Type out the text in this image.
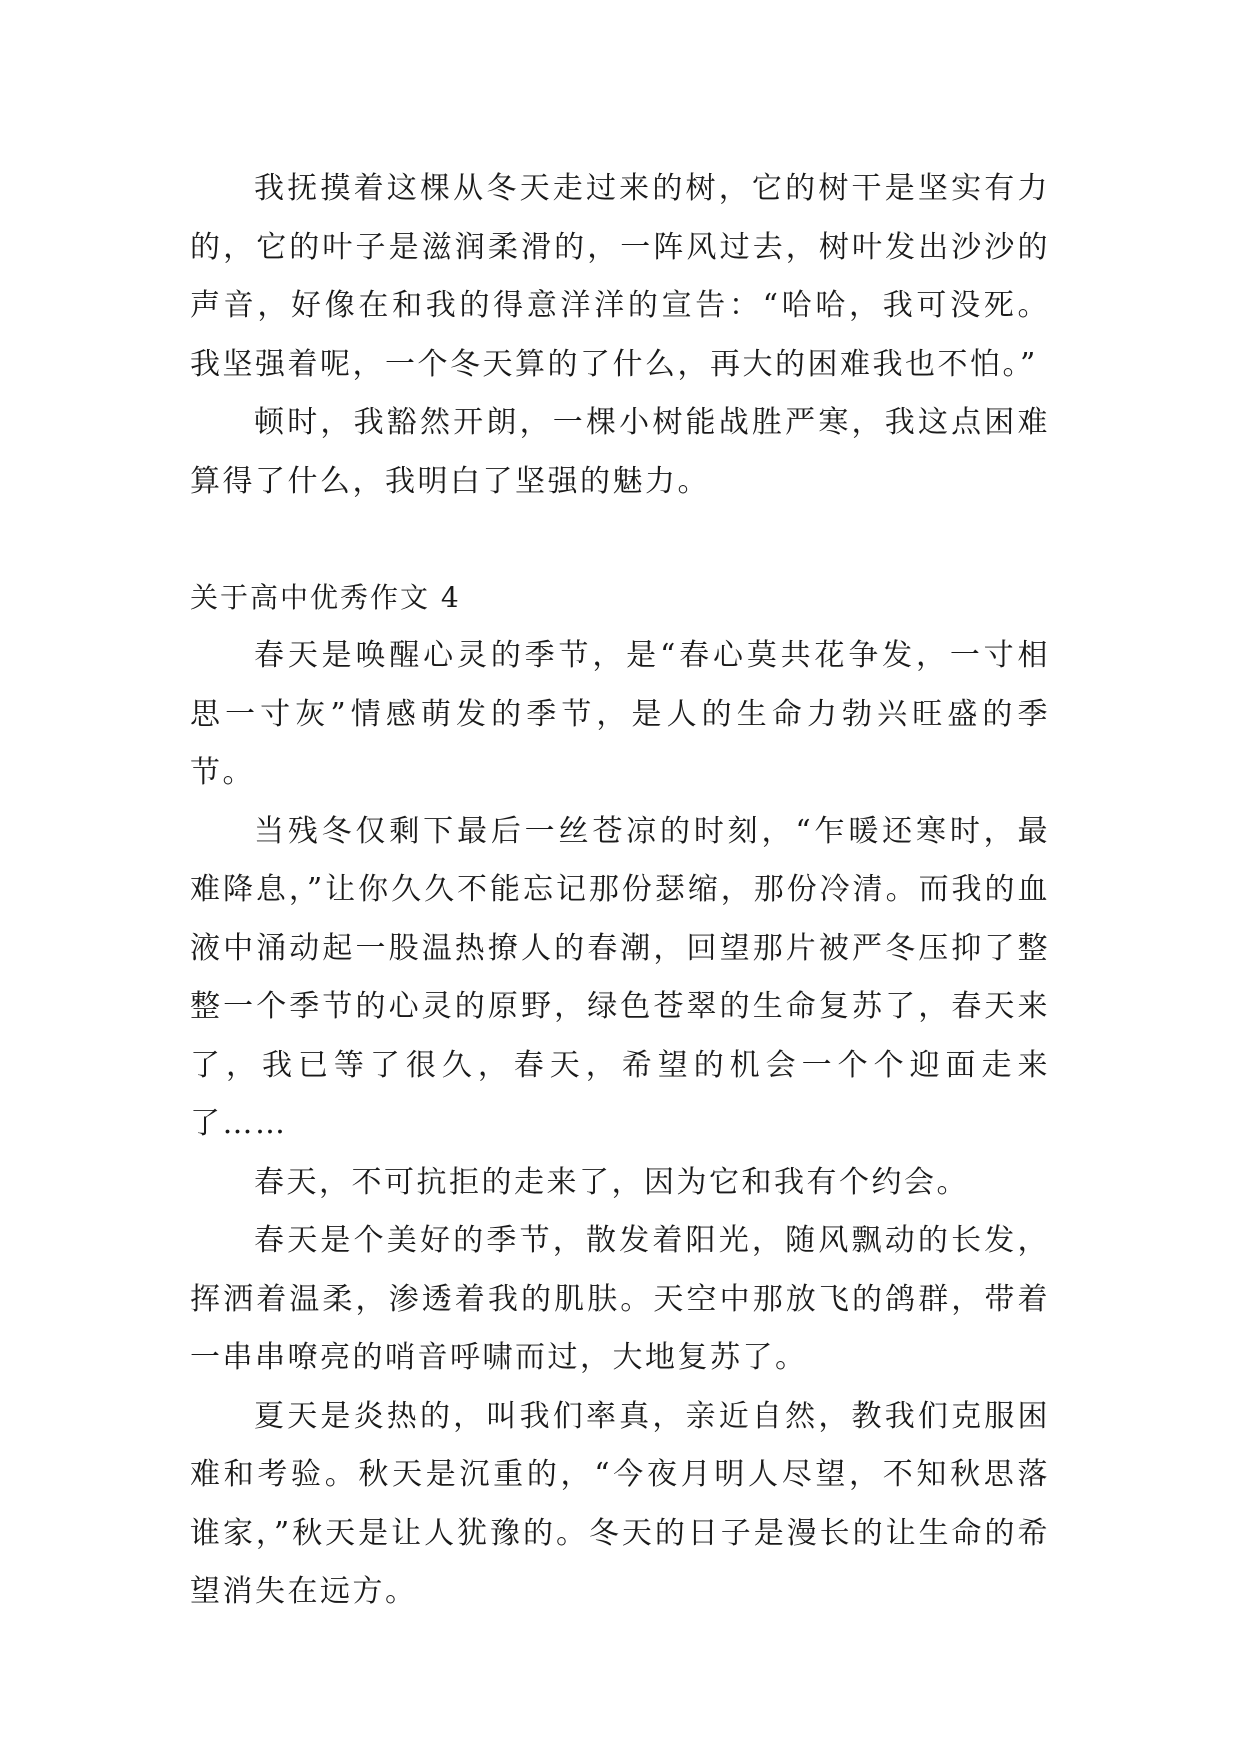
我抚摸着这棵从冬天走过来的树，它的树干是坚实有力的，它的叶子是滋润柔滑的，一阵风过去，树叶发出沙沙的声音，好像在和我的得意洋洋的宣告：“哈哈，我可没死。我坚强着呢，一个冬天算的了什么，再大的困难我也不怕。”

顿时，我豁然开朗，一棵小树能战胜严寒，我这点困难算得了什么，我明白了坚强的魅力。

关于高中优秀作文 4

春天是唤醒心灵的季节，是“春心莫共花争发，一寸相思一寸灰”情感萌发的季节，是人的生命力勃兴旺盛的季节。

当残冬仅剩下最后一丝苍凉的时刻，“乍暖还寒时，最难降息，”让你久久不能忘记那份瑟缩，那份冷清。而我的血液中涌动起一股温热撩人的春潮，回望那片被严冬压抑了整整一个季节的心灵的原野，绿色苍翠的生命复苏了，春天来了，我已等了很久，春天，希望的机会一个个迎面走来了……

春天，不可抗拒的走来了，因为它和我有个约会。

春天是个美好的季节，散发着阳光，随风飘动的长发，挥洒着温柔，渗透着我的肌肤。天空中那放飞的鸽群，带着一串串嘹亮的哨音呼啸而过，大地复苏了。

夏天是炎热的，叫我们率真，亲近自然，教我们克服困难和考验。秋天是沉重的，“今夜月明人尽望，不知秋思落谁家，”秋天是让人犹豫的。冬天的日子是漫长的让生命的希望消失在远方。
